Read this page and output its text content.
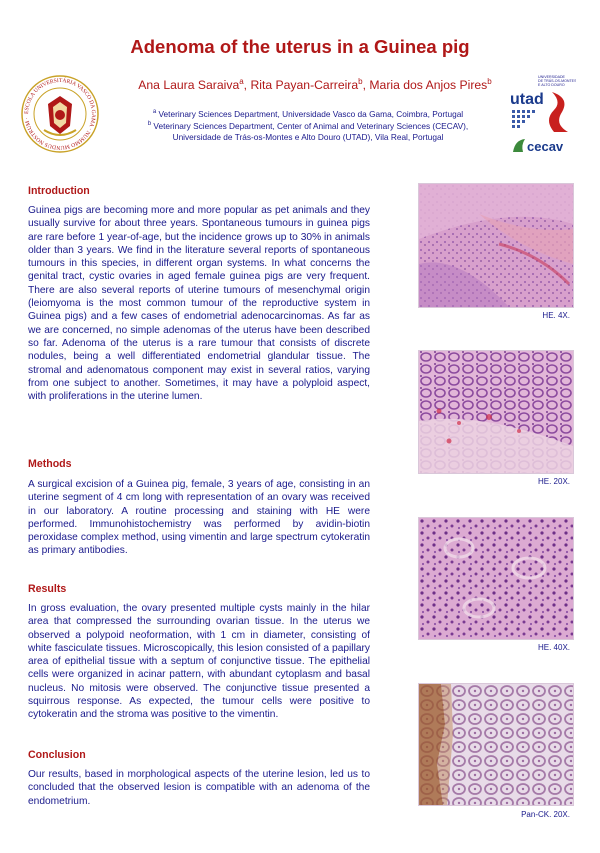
Adenoma of the uterus in a Guinea pig
Ana Laura Saraiva$^a$, Rita Payan-Carreira$^b$, Maria dos Anjos Pires$^b$
$^a$ Veterinary Sciences Department, Universidade Vasco da Gama, Coimbra, Portugal
$^b$ Veterinary Sciences Department, Center of Animal and Veterinary Sciences (CECAV),
Universidade de Trás-os-Montes e Alto Douro (UTAD), Vila Real, Portugal
ESCOLA UNIVERSITÁRIA VASCO DA GAMA · NUMMO MUNDUS NOSTRUM ·
UNIVERSIDADE
DE TRÁS-OS-MONTES
E ALTO DOURO
utad
cecav
Introduction
Guinea pigs are becoming more and more popular as pet animals and they usually survive for about three years. Spontaneous tumours in guinea pigs are rare before 1 year-of-age, but the incidence grows up to 30% in animals older than 3 years. We find in the literature several reports of spontaneous tumours in this species, in different organ systems. In what concerns the genital tract, cystic ovaries in aged female guinea pigs are very frequent. There are also several reports of uterine tumours of mesenchymal origin (leiomyoma is the most common tumour of the reproductive system in Guinea pigs) and a few cases of endometrial adenocarcinomas. As far as we are concerned, no simple adenomas of the uterus have been described so far. Adenoma of the uterus is a rare tumour that consists of discrete nodules, being a well differentiated endometrial glandular tissue. The stromal and adenomatous component may exist in several ratios, varying from one subject to another. Sometimes, it may have a polyploid aspect, with proliferations in the uterine lumen.
Methods
A surgical excision of a Guinea pig, female, 3 years of age, consisting in an uterine segment of 4 cm long with representation of an ovary was received in our laboratory. A routine processing and staining with HE were performed. Immunohistochemistry was performed by avidin-biotin peroxidase complex method, using vimentin and large spectrum cytokeratin as primary antibodies.
Results
In gross evaluation, the ovary presented multiple cysts mainly in the hilar area that compressed the surrounding ovarian tissue. In the uterus we observed a polypoid neoformation, with 1 cm in diameter, consisting of white fasciculate tissues. Microscopically, this lesion consisted of a papillary area of epithelial tissue with a septum of conjunctive tissue. The epithelial cells were organized in acinar pattern, with abundant cytoplasm and basal nucleus. No mitosis were observed. The conjunctive tissue presented a squirrous response. As expected, the tumour cells were positive to cytokeratin and the stroma was positive to the vimentin.
Conclusion
Our results, based in morphological aspects of the uterine lesion, led us to concluded that the observed lesion is compatible with an adenoma of the endometrium.
HE. 4X.
HE. 20X.
HE. 40X.
Pan-CK. 20X.
